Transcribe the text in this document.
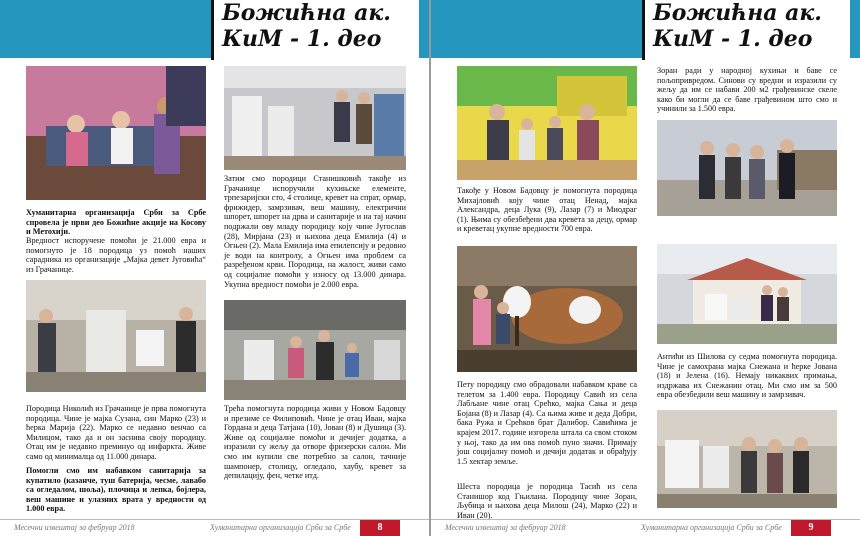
Божићна ак.
КиМ - 1. део

Хуманитарна организација Срби за Србе спровела је први део Божићне акције на Косову и Метохији.

Вредност испоручене помоћи је 21.000 евра и помогнуто је 18 породица уз помоћ наших сарадника из организације „Мајка девет Југовића“ из Грачанице.

Породица Николић из Грачанице је прва помогнута породица. Чине је мајка Сузана, син Марко (23) и ћерка Марија (22). Марко се недавно венчао са Милицом, тако да и он заснива своју породицу. Отац им је недавно преминуо од инфаркта. Живе само од минималца од 11.000 динара.

Помогли смо им набавком санитарија за купатило (казанче, туш батерија, чесме, лавабо са огледалом, шоља), плочица и лепка, бојлера, веш машине и улазних врата у вредности од 1.000 евра.

Затим смо породици Станишковић такође из Грачанице испоручили кухињске елементе, трпезаријски сто, 4 столице, кревет на спрат, ормар, фрижидер, замрзивач, веш машину, електрични шпорет, шпорет на дрва и санитарије и на тај начин подржали ову младу породицу коју чине Југослав (28), Мирјана (23) и њихова деца Емилија (4) и Огњен (2). Мала Емилија има епилепсију и редовно је води на контролу, а Огњен има проблем са разређеном крви. Породица, на жалост, живи само од социјалне помоћи у износу од 13.000 динара. Укупна вредност помоћи је 2.000 евра.

Трећа помогнута породица живи у Новом Бадовцу и презиме се Филиповић. Чине је отац Иван, мајка Гордана и деца Татјана (10), Јован (8) и Душица (3). Живе од социјалне помоћи и дечијег додатка, а изразили су жељу да отворе фризерски салон. Ми смо им купили све потребно за салон, тачније шампонер, столицу, огледало, хаубу, кревет за депилацију, фен, четке итд.

Месечни извештај за фебруар 2018	Хуманитарна организација Срби за Србе	8
Божићна ак.
КиМ - 1. део

Такође у Новом Бадовцу је помогнута породица Михајловић коју чине отац Ненад, мајка Александра, деца Лука (9), Лазар (7) и Миодраг (1). Њима су обезбеђени два кревета за децу, ормар и креветац укупне вредности 700 евра.

Пету породицу смо обрадовали набавком краве са телетом за 1.400 евра. Породицу Савић из села Лабљане чине отац Срећко, мајка Сања и деца Бојана (8) и Лазар (4). Са њима живе и деда Добри, бака Ружа и Срећков брат Далибор. Савићима је крајем 2017. године изгорела штала са свом стоком у њој, тако да им ова помоћ пуно значи. Примају још социјалну помоћ и дечији додатак и обрађују 1.5 хектар земље.

Шеста породица је породица Тасић из села Станишор код Гњилана. Породицу чине Зоран, Љубица и њихова деца Милош (24), Марко (22) и Иван (20).

Зоран ради у народној кухињи и баве се пољопривредом. Синови су вредни и изразили су жељу да им се набави 200 м2 грађевинске скеле како би могли да се баве грађевином што смо и учинили за 1.500 евра.

Антићи из Шилова су седма помогнута породица. Чине је самохрана мајка Снежана и ћерке Јована (18) и Јелена (16). Немају никаквих примања, издржава их Снежанин отац. Ми смо им за 500 евра обезбедили веш машину и замрзивач.

Месечни извештај за фебруар 2018	Хуманитарна организација Срби за Србе	9
